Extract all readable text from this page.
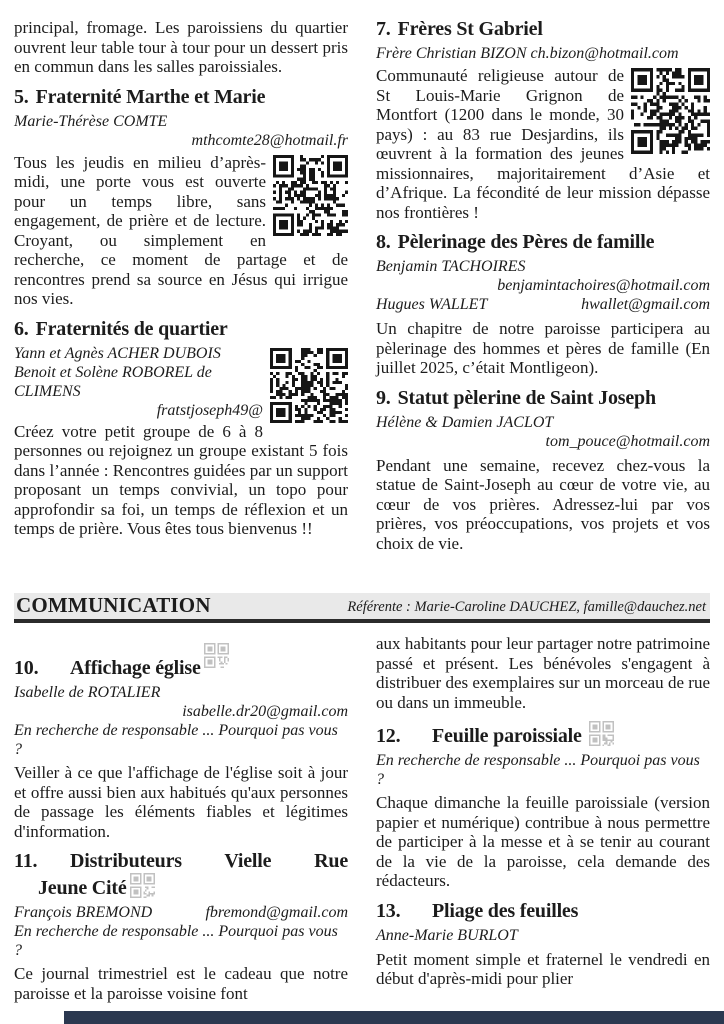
principal, fromage. Les paroissiens du quartier ouvrent leur table tour à tour pour un dessert pris en commun dans les salles paroissiales.

5. Fraternité Marthe et Marie
Marie-Thérèse COMTE
mthcomte28@hotmail.fr

Tous les jeudis en milieu d’après-midi, une porte vous est ouverte pour un temps libre, sans engagement, de prière et de lecture. Croyant, ou simplement en recherche, ce moment de partage et de rencontres prend sa source en Jésus qui irrigue nos vies.

6. Fraternités de quartier
Yann et Agnès ACHER DUBOIS
Benoit et Solène ROBOREL de CLIMENS
fratstjoseph49@

Créez votre petit groupe de 6 à 8 personnes ou rejoignez un groupe existant 5 fois dans l’année : Rencontres guidées par un support proposant un temps convivial, un topo pour approfondir sa foi, un temps de réflexion et un temps de prière. Vous êtes tous bienvenus !!

7. Frères St Gabriel
Frère Christian BIZON ch.bizon@hotmail.com

Communauté religieuse autour de St Louis-Marie Grignon de Montfort (1200 dans le monde, 30 pays) : au 83 rue Desjardins, ils œuvrent à la formation des jeunes missionnaires, majoritairement d’Asie et d’Afrique. La fécondité de leur mission dépasse nos frontières !

8. Pèlerinage des Pères de famille
Benjamin TACHOIRES
benjamintachoires@hotmail.com
Hugues WALLET	hwallet@gmail.com

Un chapitre de notre paroisse participera au pèlerinage des hommes et pères de famille (En juillet 2025, c’était Montligeon).

9. Statut pèlerine de Saint Joseph
Hélène & Damien JACLOT
tom_pouce@hotmail.com

Pendant une semaine, recevez chez-vous la statue de Saint-Joseph au cœur de votre vie, au cœur de vos prières. Adressez-lui par vos prières, vos préoccupations, vos projets et vos choix de vie.

COMMUNICATION	Référente : Marie-Caroline DAUCHEZ, famille@dauchez.net
10. Affichage église
Isabelle de ROTALIER
isabelle.dr20@gmail.com
En recherche de responsable ... Pourquoi pas vous ?

Veiller à ce que l'affichage de l'église soit à jour et offre aussi bien aux habitués qu'aux personnes de passage les éléments fiables et légitimes d'information.

11. Distributeurs Vielle Rue
Jeune Cité
François BREMOND	fbremond@gmail.com
En recherche de responsable ... Pourquoi pas vous ?

Ce journal trimestriel est le cadeau que notre paroisse et la paroisse voisine font

aux habitants pour leur partager notre patrimoine passé et présent. Les bénévoles s'engagent à distribuer des exemplaires sur un morceau de rue ou dans un immeuble.

12. Feuille paroissiale
En recherche de responsable ... Pourquoi pas vous ?

Chaque dimanche la feuille paroissiale (version papier et numérique) contribue à nous permettre de participer à la messe et à se tenir au courant de la vie de la paroisse, cela demande des rédacteurs.

13. Pliage des feuilles
Anne-Marie BURLOT

Petit moment simple et fraternel le vendredi en début d'après-midi pour plier
